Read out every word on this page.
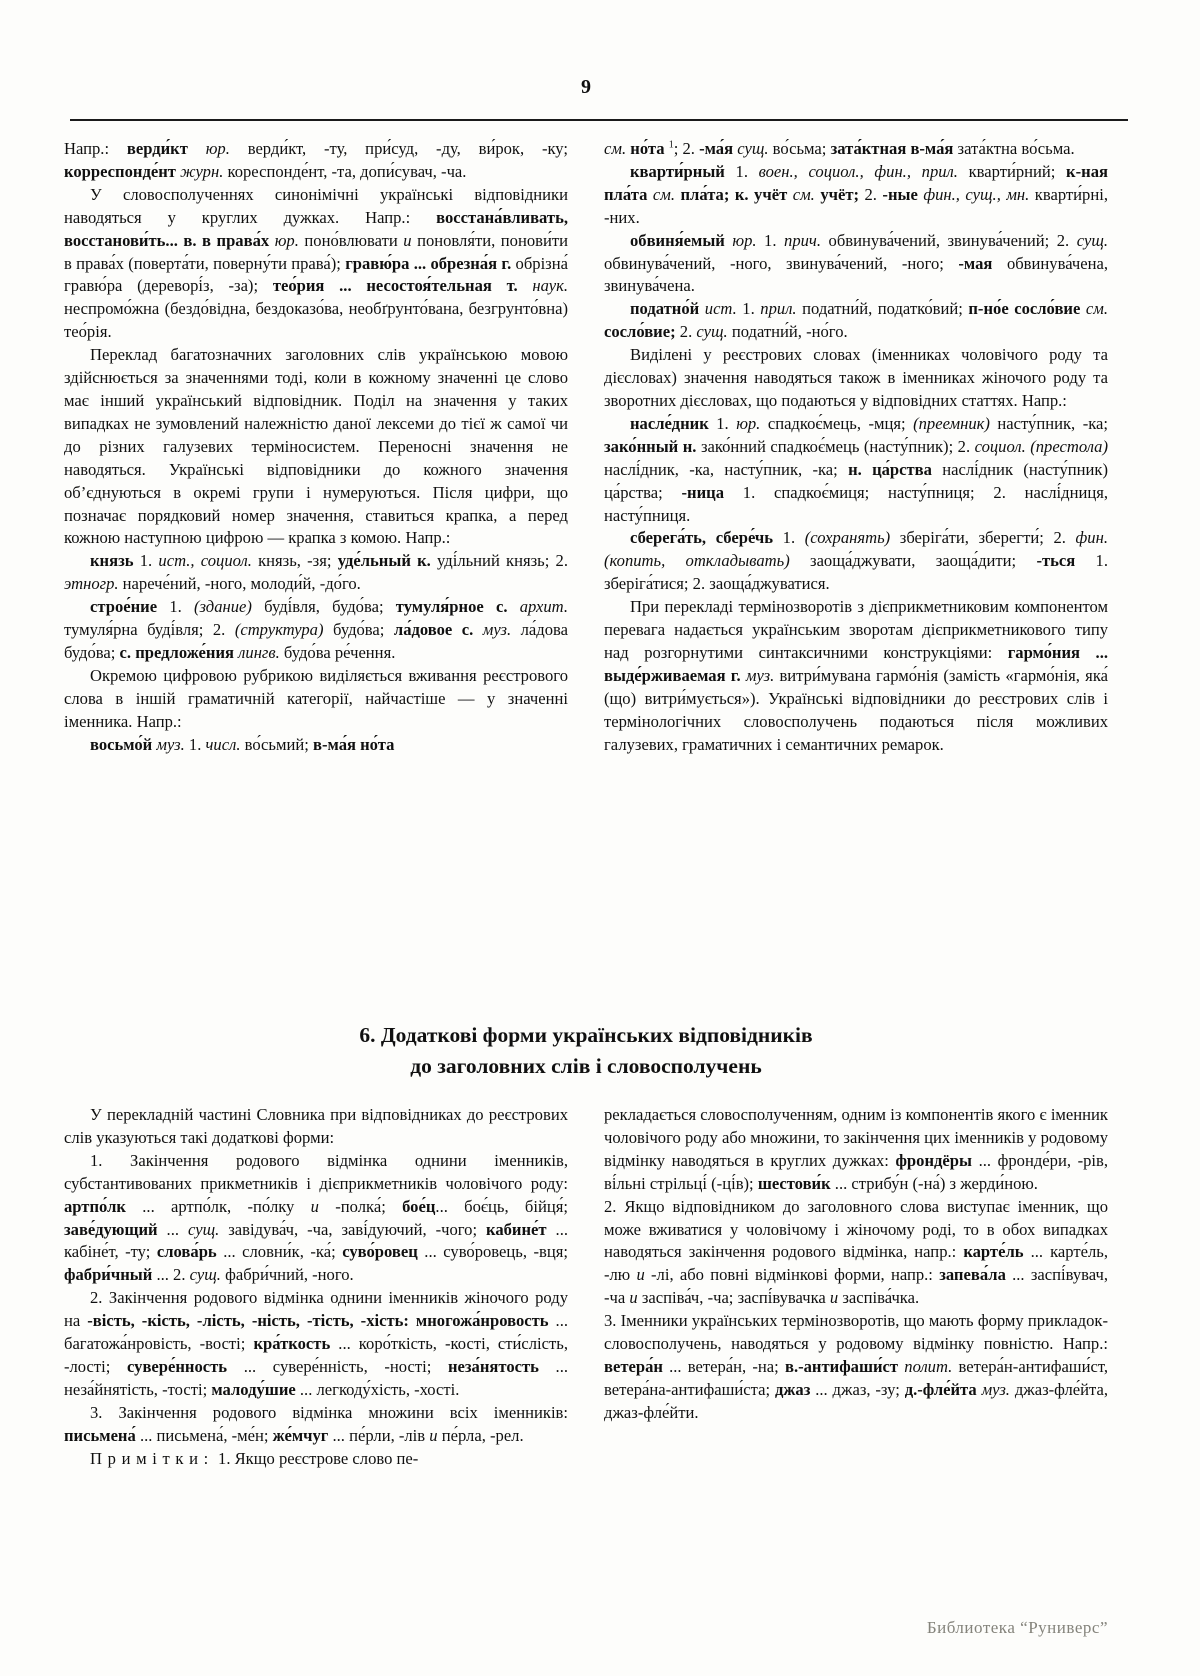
9

Напр.: верди́кт юр. верди́кт, -ту, при́суд, -ду, ви́рок, -ку; корреспонде́нт журн. кореспонде́нт, -та, допи́сувач, -ча.

У словосполученнях синонімічні українські відповідники наводяться у круглих дужках. Напр.: восстана́вливать, восстанови́ть... в. в права́х юр. поно́влювати и поновля́ти, понови́ти в права́х (поверта́ти, поверну́ти права́); гравю́ра ... обрезна́я г. обрізна́ гравю́ра (дереворі́з, -за); тео́рия ... несостоя́тельная т. наук. неспромо́жна (бездо́відна, бездоказо́ва, необґрунто́вана, безгрунто́вна) тео́рія.

Переклад багатозначних заголовних слів українською мовою здійснюється за значеннями тоді, коли в кожному значенні це слово має інший український відповідник. Поділ на значення у таких випадках не зумовлений належністю даної лексеми до тієї ж самої чи до різних галузевих терміносистем. Переносні значення не наводяться. Українські відповідники до кожного значення об’єднуються в окремі групи і нумеруються. Після цифри, що позначає порядковий номер значення, ставиться крапка, а перед кожною наступною цифрою — крапка з комою. Напр.:

князь 1. ист., социол. князь, -зя; уде́льный к. уді́льний князь; 2. этногр. нарече́ний, -ного, молоди́й, -до́го.

строе́ние 1. (здание) буді́вля, будо́ва; тумуля́рное с. архит. тумуля́рна буді́вля; 2. (структура) будо́ва; ла́довое с. муз. ла́дова будо́ва; с. предложе́ния лингв. будо́ва ре́чення.

Окремою цифровою рубрикою виділяється вживання реєстрового слова в іншій граматичній категорії, найчастіше — у значенні іменника. Напр.:

восьмо́й муз. 1. числ. во́сьмий; в-ма́я но́та

см. но́та $^1$; 2. -ма́я сущ. во́сьма; зата́ктная в-ма́я зата́ктна во́сьма.

кварти́рный 1. воен., социол., фин., прил. кварти́рний; к-ная пла́та см. пла́та; к. учёт см. учёт; 2. -ные фин., сущ., мн. кварти́рні, -них.

обвиня́емый юр. 1. прич. обвинува́чений, звинува́чений; 2. сущ. обвинува́чений, -ного, звинува́чений, -ного; -мая обвинува́чена, звинува́чена.

податно́й ист. 1. прил. податни́й, податко́вий; п-но́е сосло́вие см. сосло́вие; 2. сущ. податни́й, -но́го.

Виділені у реєстрових словах (іменниках чоловічого роду та дієсловах) значення наводяться також в іменниках жіночого роду та зворотних дієсловах, що подаються у відповідних статтях. Напр.:

насле́дник 1. юр. спадкоє́мець, -мця; (преемник) насту́пник, -ка; зако́нный н. зако́нний спадкоє́мець (насту́пник); 2. социол. (престола) наслі́дник, -ка, насту́пник, -ка; н. ца́рства наслі́дник (насту́пник) ца́рства; -ница 1. спадкоє́миця; насту́пниця; 2. наслі́дниця, насту́пниця.

сберега́ть, сбере́чь 1. (сохранять) зберіга́ти, зберегти́; 2. фин. (копить, откладывать) заоща́джувати, заоща́дити; -ться 1. зберіга́тися; 2. заоща́джуватися.

При перекладі термінозворотів з дієприкметниковим компонентом перевага надається українським зворотам дієприкметникового типу над розгорнутими синтаксичними конструкціями: гармо́ния ... выде́рживаемая г. муз. витри́мувана гармо́нія (замість «гармо́нія, яка́ (що) витри́мується»). Українські відповідники до реєстрових слів і термінологічних словосполучень подаються після можливих галузевих, граматичних і семантичних ремарок.

6. Додаткові форми українських відповідників
до заголовних слів і словосполучень

У перекладній частині Словника при відповідниках до реєстрових слів указуються такі додаткові форми:

1. Закінчення родового відмінка однини іменників, субстантивованих прикметників і дієприкметників чоловічого роду: артпо́лк ... артпо́лк, -по́лку и -полка́; бое́ц... боє́ць, бійця́; заве́дующий ... сущ. завідува́ч, -ча, заві́дуючий, -чого; кабине́т ... кабіне́т, -ту; слова́рь ... словни́к, -ка́; суво́ровец ... суво́ровець, -вця; фабри́чный ... 2. сущ. фабри́чний, -ного.

2. Закінчення родового відмінка однини іменників жіночого роду на -вість, -кість, -лість, -ність, -тість, -хість: многожа́нровость ... багатожа́нровість, -вості; кра́ткость ... коро́ткість, -кості, сти́слість, -лості; сувере́нность ... сувере́нність, -ності; неза́нятость ... неза́йнятість, -тості; малоду́шие ... легкоду́хість, -хості.

3. Закінчення родового відмінка множини всіх іменників: письмена́ ... письмена́, -ме́н; же́мчуг ... пе́рли, -лів и пе́рла, -рел.

Примітки: 1. Якщо реєстрове слово пе-

рекладається словосполученням, одним із компонентів якого є іменник чоловічого роду або множини, то закінчення цих іменників у родовому відмінку наводяться в круглих дужках: фрондёры ... фронде́ри, -рів, ві́льні стрільці́ (-ці́в); шестови́к ... стрибу́н (-на́) з жерди́ною.

2. Якщо відповідником до заголовного слова виступає іменник, що може вживатися у чоловічому і жіночому роді, то в обох випадках наводяться закінчення родового відмінка, напр.: карте́ль ... карте́ль, -лю и -лі, або повні відмінкові форми, напр.: запева́ла ... заспі́вувач, -ча и заспіва́ч, -ча; заспі́вувачка и заспіва́чка.

3. Іменники українських термінозворотів, що мають форму прикладок-словосполучень, наводяться у родовому відмінку повністю. Напр.: ветера́н ... ветера́н, -на; в.-антифаши́ст полит. ветера́н-антифаши́ст, ветера́на-антифаши́ста; джаз ... джаз, -зу; д.-фле́йта муз. джаз-фле́йта, джаз-фле́йти.

Библиотека “Руниверс”
